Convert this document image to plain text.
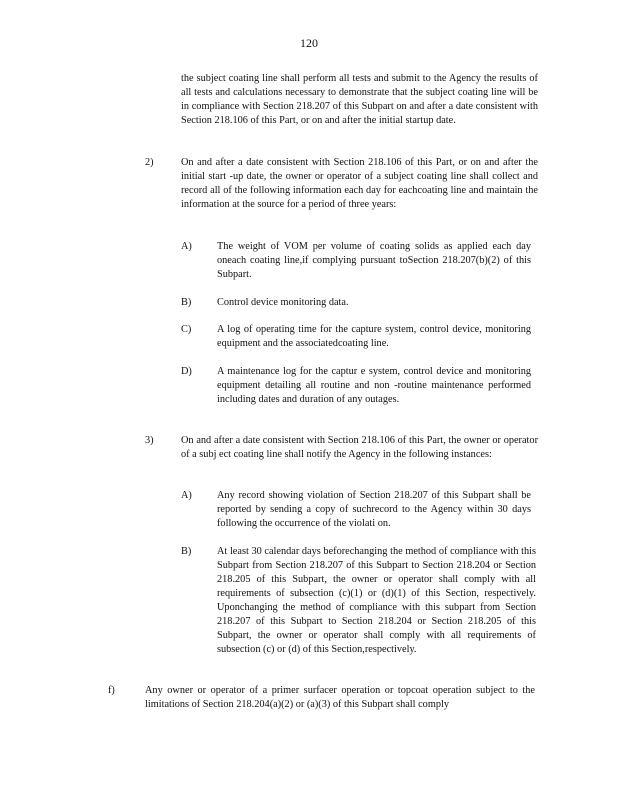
120
the subject coating line shall perform all tests and submit to the Agency the results of all tests and calculations necessary to demonstrate that the subject coating line will be in compliance with Section 218.207 of this Subpart on and after a date consistent with Section 218.106 of this Part, or on and after the initial startup date.
2)	On and after a date consistent with Section 218.106 of this Part, or on and after the initial start -up date, the owner or operator of a subject coating line shall collect and record all of the following information each day for eachcoating line and maintain the information at the source for a period of three years:
A) The weight of VOM per volume of coating solids as applied each day oneach coating line,if complying pursuant toSection 218.207(b)(2) of this Subpart.
B) Control device monitoring data.
C) A log of operating time for the capture system, control device, monitoring equipment and the associatedcoating line.
D) A maintenance log for the captur e system, control device and monitoring equipment detailing all routine and non -routine maintenance performed including dates and duration of any outages.
3)	On and after a date consistent with Section 218.106 of this Part, the owner or operator of a subj ect coating line shall notify the Agency in the following instances:
A) Any record showing violation of Section 218.207 of this Subpart shall be reported by sending a copy of suchrecord to the Agency within 30 days following the occurrence of the violati on.
B) At least 30 calendar days beforechanging the method of compliance with this Subpart from Section 218.207 of this Subpart to Section 218.204 or Section 218.205 of this Subpart, the owner or operator shall comply with all requirements of subsection (c)(1) or (d)(1) of this Section, respectively. Uponchanging the method of compliance with this subpart from Section 218.207 of this Subpart to Section 218.204 or Section 218.205 of this Subpart, the owner or operator shall comply with all requirements of subsection (c) or (d) of this Section,respectively.
f)	Any owner or operator of a primer surfacer operation or topcoat operation subject to the limitations of Section 218.204(a)(2) or (a)(3) of this Subpart shall comply
